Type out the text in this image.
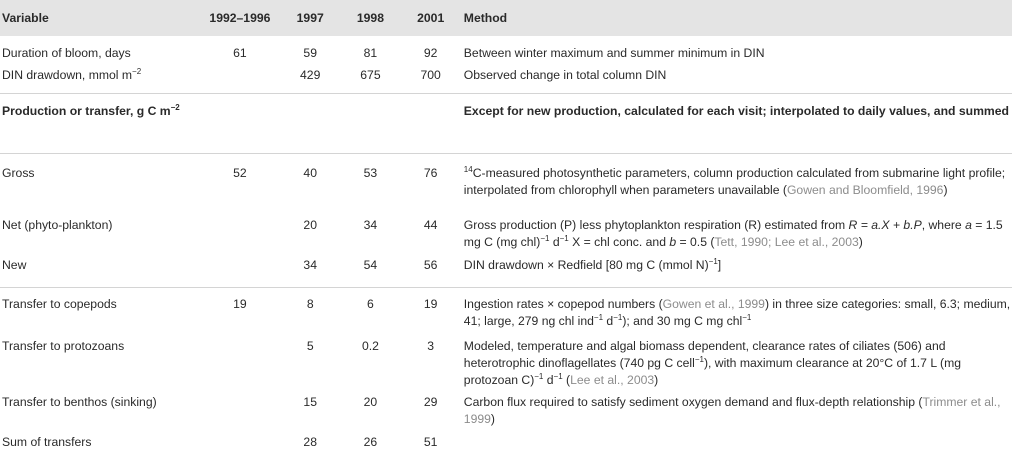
Variable	1992–1996	1997	1998	2001	Method

Duration of bloom, days	61	59	81	92	Between winter maximum and summer minimum in DIN
DIN drawdown, mmol $m^{-2}$		429	675	700	Observed change in total column DIN
Production or transfer, g C $m^{-2}$					Except for new production, calculated for each visit; interpolated to daily values, and summed
Gross	52	40	53	76	$^{14}$C-measured photosynthetic parameters, column production calculated from submarine light profile; interpolated from chlorophyll when parameters unavailable (Gowen and Bloomfield, 1996)
Net (phyto-plankton)		20	34	44	Gross production (P) less phytoplankton respiration (R) estimated from R = a.X + b.P, where a = 1.5 mg C (mg chl)$^{-1}$ $d^{-1}$ X = chl conc. and b = 0.5 (Tett, 1990; Lee et al., 2003)
New		34	54	56	DIN drawdown × Redfield [80 mg C (mmol N)$^{-1}$]
Transfer to copepods	19	8	6	19	Ingestion rates × copepod numbers (Gowen et al., 1999) in three size categories: small, 6.3; medium, 41; large, 279 ng chl ind$^{-1}$ $d^{-1}$); and 30 mg C mg chl$^{-1}$
Transfer to protozoans		5	0.2	3	Modeled, temperature and algal biomass dependent, clearance rates of ciliates (506) and heterotrophic dinoflagellates (740 pg C cell$^{-1}$), with maximum clearance at 20°C of 1.7 L (mg protozoan C)$^{-1}$ $d^{-1}$ (Lee et al., 2003)
Transfer to benthos (sinking)		15	20	29	Carbon flux required to satisfy sediment oxygen demand and flux-depth relationship (Trimmer et al., 1999)
Sum of transfers		28	26	51	
